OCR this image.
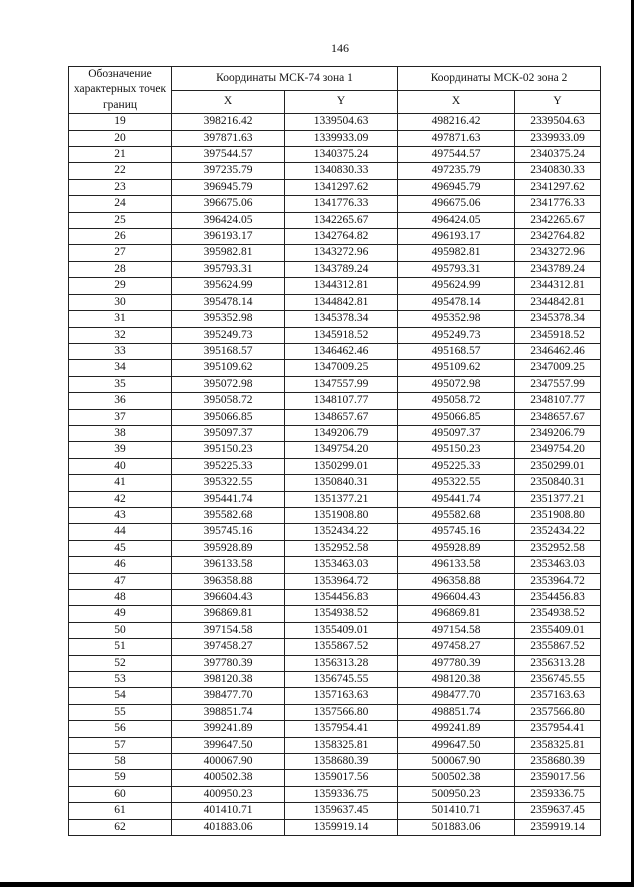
146
Обозначение характерных точек границ	Координаты МСК-74 зона 1		Координаты МСК-02 зона 2	
	X	Y	X	Y
19	398216.42	1339504.63	498216.42	2339504.63
20	397871.63	1339933.09	497871.63	2339933.09
21	397544.57	1340375.24	497544.57	2340375.24
22	397235.79	1340830.33	497235.79	2340830.33
23	396945.79	1341297.62	496945.79	2341297.62
24	396675.06	1341776.33	496675.06	2341776.33
25	396424.05	1342265.67	496424.05	2342265.67
26	396193.17	1342764.82	496193.17	2342764.82
27	395982.81	1343272.96	495982.81	2343272.96
28	395793.31	1343789.24	495793.31	2343789.24
29	395624.99	1344312.81	495624.99	2344312.81
30	395478.14	1344842.81	495478.14	2344842.81
31	395352.98	1345378.34	495352.98	2345378.34
32	395249.73	1345918.52	495249.73	2345918.52
33	395168.57	1346462.46	495168.57	2346462.46
34	395109.62	1347009.25	495109.62	2347009.25
35	395072.98	1347557.99	495072.98	2347557.99
36	395058.72	1348107.77	495058.72	2348107.77
37	395066.85	1348657.67	495066.85	2348657.67
38	395097.37	1349206.79	495097.37	2349206.79
39	395150.23	1349754.20	495150.23	2349754.20
40	395225.33	1350299.01	495225.33	2350299.01
41	395322.55	1350840.31	495322.55	2350840.31
42	395441.74	1351377.21	495441.74	2351377.21
43	395582.68	1351908.80	495582.68	2351908.80
44	395745.16	1352434.22	495745.16	2352434.22
45	395928.89	1352952.58	495928.89	2352952.58
46	396133.58	1353463.03	496133.58	2353463.03
47	396358.88	1353964.72	496358.88	2353964.72
48	396604.43	1354456.83	496604.43	2354456.83
49	396869.81	1354938.52	496869.81	2354938.52
50	397154.58	1355409.01	497154.58	2355409.01
51	397458.27	1355867.52	497458.27	2355867.52
52	397780.39	1356313.28	497780.39	2356313.28
53	398120.38	1356745.55	498120.38	2356745.55
54	398477.70	1357163.63	498477.70	2357163.63
55	398851.74	1357566.80	498851.74	2357566.80
56	399241.89	1357954.41	499241.89	2357954.41
57	399647.50	1358325.81	499647.50	2358325.81
58	400067.90	1358680.39	500067.90	2358680.39
59	400502.38	1359017.56	500502.38	2359017.56
60	400950.23	1359336.75	500950.23	2359336.75
61	401410.71	1359637.45	501410.71	2359637.45
62	401883.06	1359919.14	501883.06	2359919.14
